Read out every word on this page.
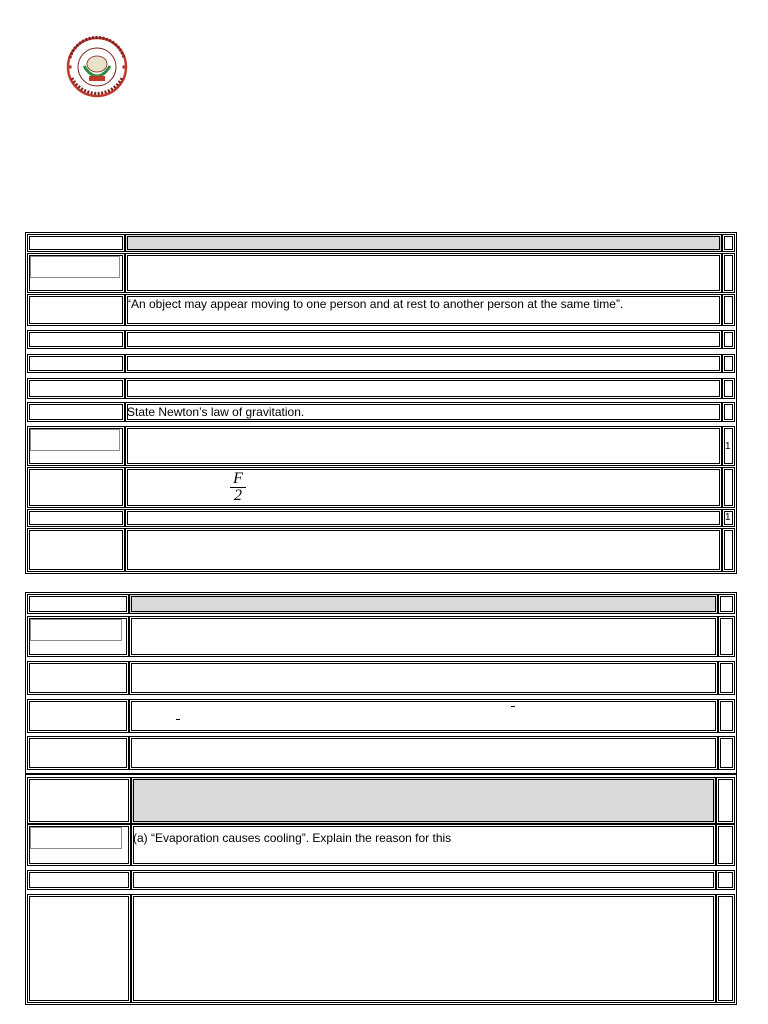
“An object may appear moving to one person and at rest to another person at the same time”.
State Newton’s law of gravitation.
1
F
2
1
(a) “Evaporation causes cooling”. Explain the reason for this
